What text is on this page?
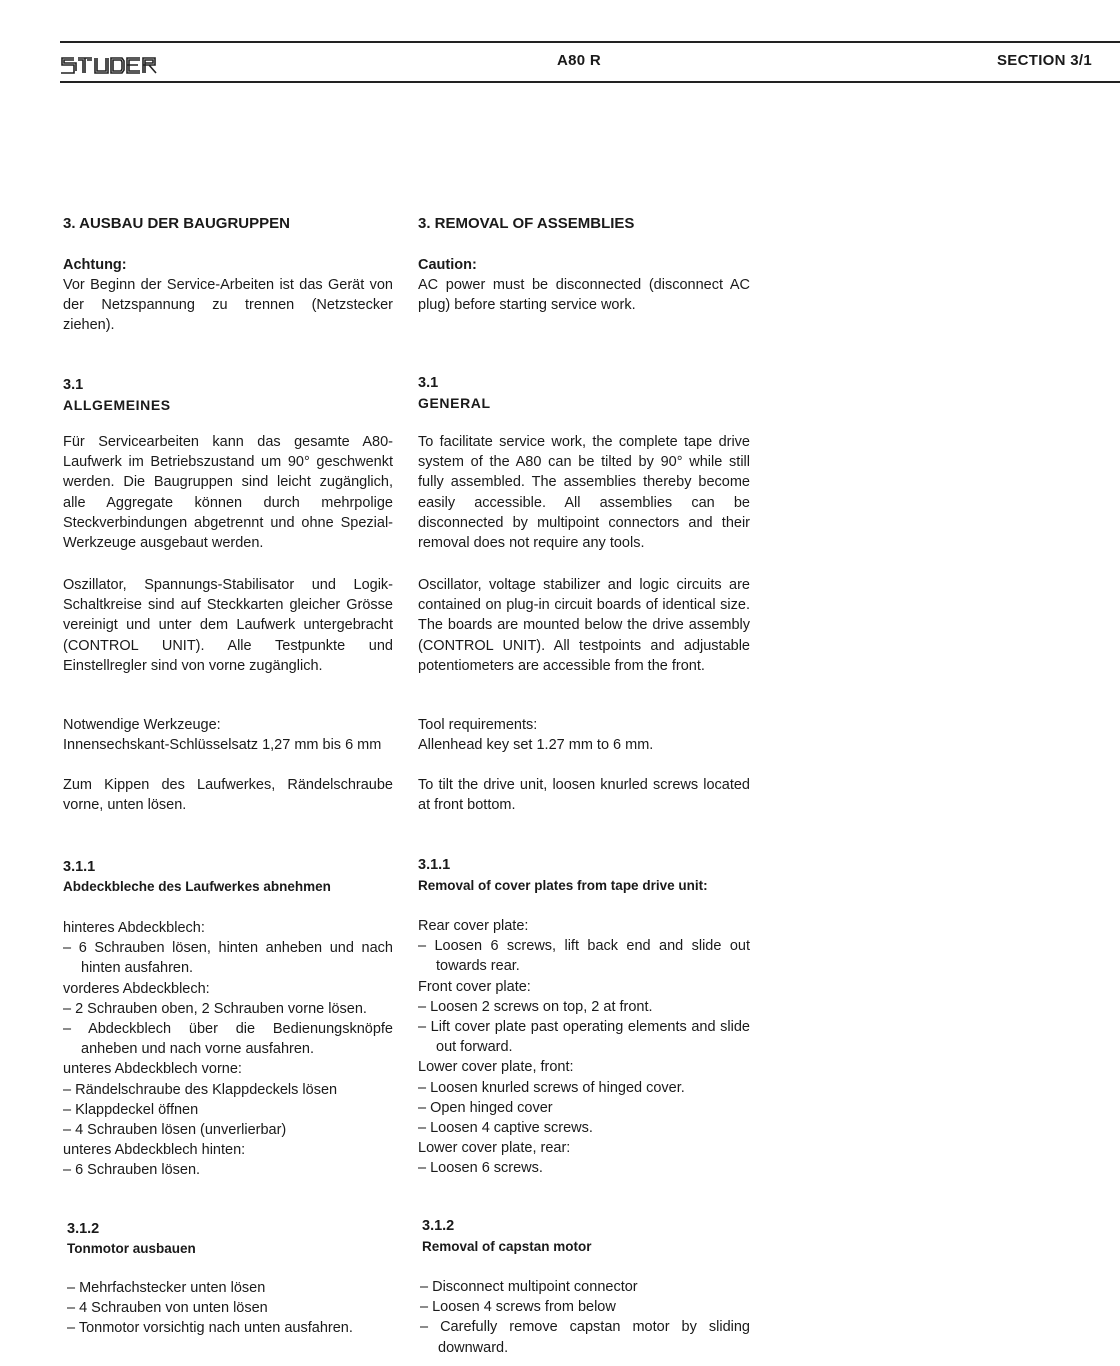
A80 R	SECTION 3/1
3. AUSBAU DER BAUGRUPPEN
Achtung:
Vor Beginn der Service-Arbeiten ist das Gerät von der Netzspannung zu trennen (Netzstecker ziehen).
3.1
ALLGEMEINES
Für Servicearbeiten kann das gesamte A80-Laufwerk im Betriebszustand um 90° geschwenkt werden. Die Baugruppen sind leicht zugänglich, alle Aggregate können durch mehrpolige Steckverbindungen abgetrennt und ohne Spezial-Werkzeuge ausgebaut werden.
Oszillator, Spannungs-Stabilisator und Logik-Schaltkreise sind auf Steckkarten gleicher Grösse vereinigt und unter dem Laufwerk untergebracht (CONTROL UNIT). Alle Testpunkte und Einstellregler sind von vorne zugänglich.
Notwendige Werkzeuge:
Innensechskant-Schlüsselsatz 1,27 mm bis 6 mm
Zum Kippen des Laufwerkes, Rändelschraube vorne, unten lösen.
3.1.1
Abdeckbleche des Laufwerkes abnehmen
hinteres Abdeckblech:
– 6 Schrauben lösen, hinten anheben und nach hinten ausfahren.
vorderes Abdeckblech:
– 2 Schrauben oben, 2 Schrauben vorne lösen.
– Abdeckblech über die Bedienungsknöpfe anheben und nach vorne ausfahren.
unteres Abdeckblech vorne:
– Rändelschraube des Klappdeckels lösen
– Klappdeckel öffnen
– 4 Schrauben lösen (unverlierbar)
unteres Abdeckblech hinten:
– 6 Schrauben lösen.
3.1.2
Tonmotor ausbauen
– Mehrfachstecker unten lösen
– 4 Schrauben von unten lösen
– Tonmotor vorsichtig nach unten ausfahren.
3. REMOVAL OF ASSEMBLIES
Caution:
AC power must be disconnected (disconnect AC plug) before starting service work.
3.1
GENERAL
To facilitate service work, the complete tape drive system of the A80 can be tilted by 90° while still fully assembled. The assemblies thereby become easily accessible. All assemblies can be disconnected by multipoint connectors and their removal does not require any tools.
Oscillator, voltage stabilizer and logic circuits are contained on plug-in circuit boards of identical size. The boards are mounted below the drive assembly (CONTROL UNIT). All testpoints and adjustable potentiometers are accessible from the front.
Tool requirements:
Allenhead key set 1.27 mm to 6 mm.
To tilt the drive unit, loosen knurled screws located at front bottom.
3.1.1
Removal of cover plates from tape drive unit:
Rear cover plate:
– Loosen 6 screws, lift back end and slide out towards rear.
Front cover plate:
– Loosen 2 screws on top, 2 at front.
– Lift cover plate past operating elements and slide out forward.
Lower cover plate, front:
– Loosen knurled screws of hinged cover.
– Open hinged cover
– Loosen 4 captive screws.
Lower cover plate, rear:
– Loosen 6 screws.
3.1.2
Removal of capstan motor
– Disconnect multipoint connector
– Loosen 4 screws from below
– Carefully remove capstan motor by sliding downward.
